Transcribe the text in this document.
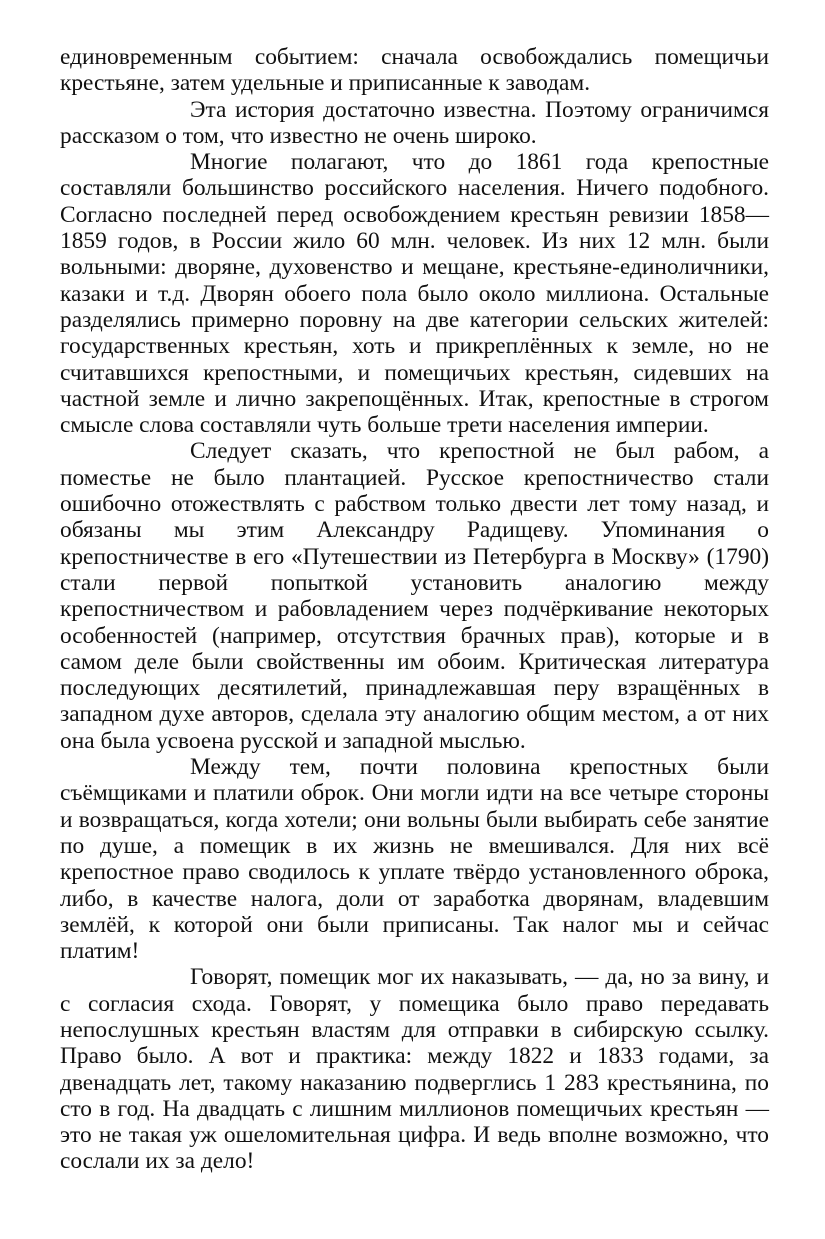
единовременным событием: сначала освобождались помещичьи крестьяне, затем удельные и приписанные к заводам.

Эта история достаточно известна. Поэтому ограничимся рассказом о том, что известно не очень широко.

Многие полагают, что до 1861 года крепостные составляли большинство российского населения. Ничего подобного. Согласно последней перед освобождением крестьян ревизии 1858—1859 годов, в России жило 60 млн. человек. Из них 12 млн. были вольными: дворяне, духовенство и мещане, крестьяне-единоличники, казаки и т.д. Дворян обоего пола было около миллиона. Остальные разделялись примерно поровну на две категории сельских жителей: государственных крестьян, хоть и прикреплённых к земле, но не считавшихся крепостными, и помещичьих крестьян, сидевших на частной земле и лично закрепощённых. Итак, крепостные в строгом смысле слова составляли чуть больше трети населения империи.

Следует сказать, что крепостной не был рабом, а поместье не было плантацией. Русское крепостничество стали ошибочно отожествлять с рабством только двести лет тому назад, и обязаны мы этим Александру Радищеву. Упоминания о крепостничестве в его «Путешествии из Петербурга в Москву» (1790) стали первой попыткой установить аналогию между крепостничеством и рабовладением через подчёркивание некоторых особенностей (например, отсутствия брачных прав), которые и в самом деле были свойственны им обоим. Критическая литература последующих десятилетий, принадлежавшая перу взращённых в западном духе авторов, сделала эту аналогию общим местом, а от них она была усвоена русской и западной мыслью.

Между тем, почти половина крепостных были съёмщиками и платили оброк. Они могли идти на все четыре стороны и возвращаться, когда хотели; они вольны были выбирать себе занятие по душе, а помещик в их жизнь не вмешивался. Для них всё крепостное право сводилось к уплате твёрдо установленного оброка, либо, в качестве налога, доли от заработка дворянам, владевшим землёй, к которой они были приписаны. Так налог мы и сейчас платим!

Говорят, помещик мог их наказывать, — да, но за вину, и с согласия схода. Говорят, у помещика было право передавать непослушных крестьян властям для отправки в сибирскую ссылку. Право было. А вот и практика: между 1822 и 1833 годами, за двенадцать лет, такому наказанию подверглись 1 283 крестьянина, по сто в год. На двадцать с лишним миллионов помещичьих крестьян — это не такая уж ошеломительная цифра. И ведь вполне возможно, что сослали их за дело!
